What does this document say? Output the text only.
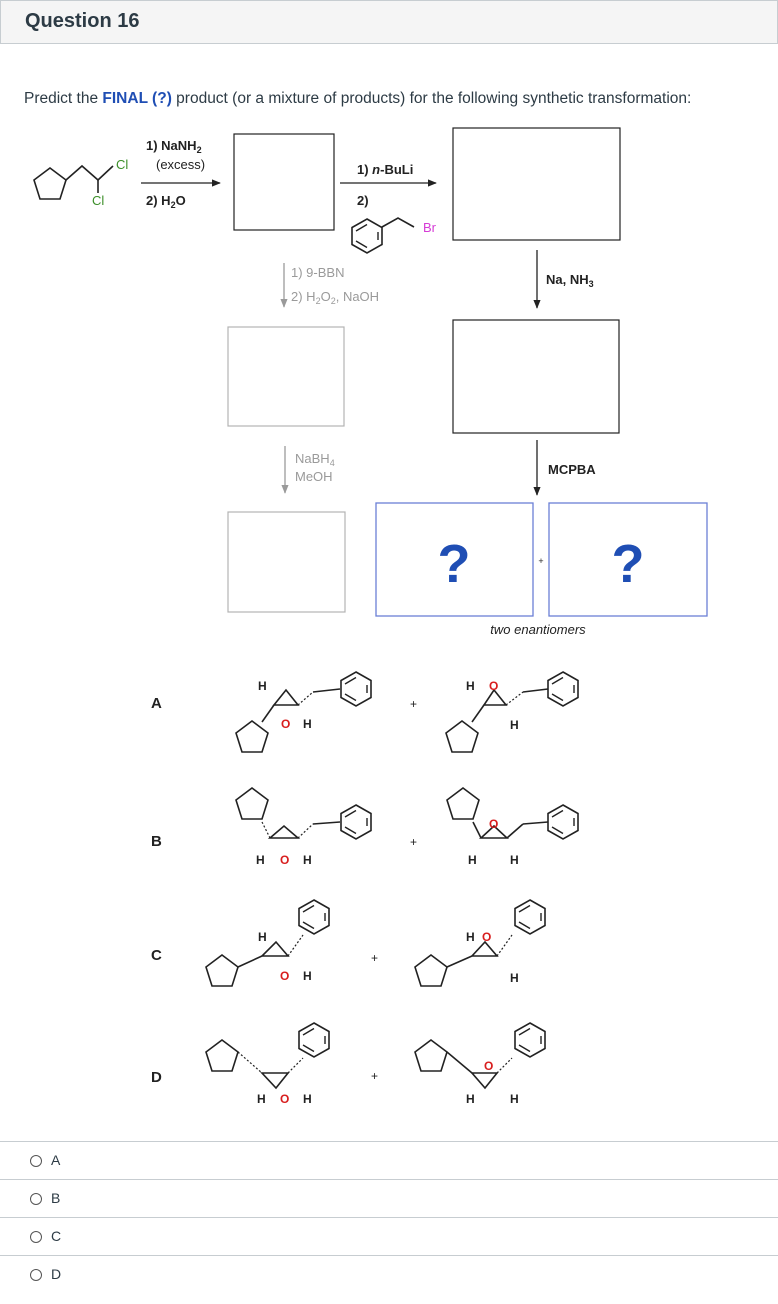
Question 16
Predict the FINAL (?) product (or a mixture of products) for the following synthetic transformation:
Cl
Cl
1) NaNH$_2$
(excess)
2) $H_2O$
1) n-BuLi
2)
Br
1) 9-BBN
2) $H_2O_2$, NaOH
Na, $NH_3$
NaBH$_4$
MeOH	MCPBA
?	?
+
two enantiomers
A
H
O H
+
H O
H
B
H O H
+
H
O
H
C
H
O H
+
H O
H
D
H O H
+
H
O
H
A
B
C
D
